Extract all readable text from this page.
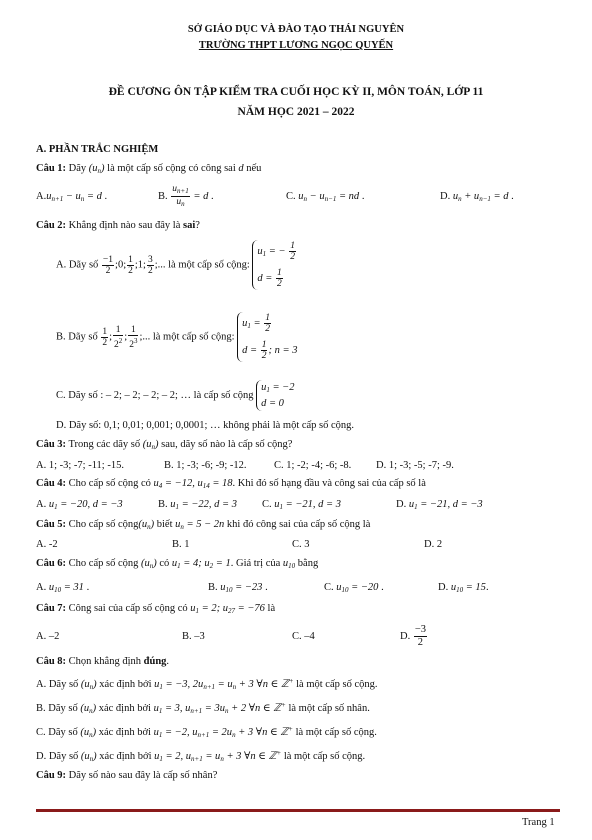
SỞ GIÁO DỤC VÀ ĐÀO TẠO THÁI NGUYÊN
TRƯỜNG THPT LƯƠNG NGỌC QUYẾN
ĐỀ CƯƠNG ÔN TẬP KIỂM TRA CUỐI HỌC KỲ II, MÔN TOÁN, LỚP 11
NĂM HỌC 2021 – 2022
A. PHẦN TRẮC NGHIỆM
Câu 1: Dãy $(u_n)$ là một cấp số cộng có công sai d nếu
$A.u_{n+1} - u_n = d$ .	B. $\frac{u_{n+1}}{u_n} = d$ .	C. $u_n - u_{n-1}$ = nd .	D. $u_n + u_{n-1} = d$ .
Câu 2: Khẳng định nào sau đây là sai?
A. Dãy số $\frac{-1}{2}$ ;0; $\frac{1}{2}$ ;1; $\frac{3}{2}$ ;... là một cấp số cộng:
$u_1$ = − $\frac{1}{2}$
$d = \frac{1}{2}$
B. Dãy số $\frac{1}{2}$ ; $\frac{1}{2^2}$ ; $\frac{1}{2^3}$ ;... là một cấp số cộng:
$u_1 = \frac{1}{2}$
$d = \frac{1}{2}$ ; n = 3
C. Dãy số : – 2; – 2; – 2; – 2; … là cấp số cộng
$u_1 = -2$
d = 0
D. Dãy số: 0,1; 0,01; 0,001; 0,0001; … không phải là một cấp số cộng.
Câu 3: Trong các dãy số $(u_n)$ sau, dãy số nào là cấp số cộng?
A. 1; -3; -7; -11; -15.	B. 1; -3; -6; -9; -12.	C. 1; -2; -4; -6; -8. D. 1; -3; -5; -7; -9.
Câu 4: Cho cấp số cộng có $u_4 = -12$, $u_{14} = 18$. Khi đó số hạng đầu và công sai của cấp số là
A. $u_1 = -20$, d = −3	B. $u_1 = -22$, d = 3 C. $u_1 = -21$, d = 3	D. $u_1 = -21$, d = −3
Câu 5: Cho cấp số $cộng(u_n)$ biết $u_n = 5 - 2n$ khi đó công sai của cấp số cộng là
A. -2	B. 1	C. 3	D. 2
Câu 6: Cho cấp số cộng $(u_n)$ có $u_1 = 4$; $u_2 = 1$. Giá trị của $u_{10}$ bằng
A. $u_{10} = 31$ .	B. $u_{10} = -23$ .	C. $u_{10} = -20$ .	D. $u_{10} = 15$.
Câu 7: Công sai của cấp số cộng có $u_1 = 2$; $u_{27} = -76$ là
A. –2	B. –3	C. –4	D. $\frac{-3}{2}$
Câu 8: Chọn khẳng định đúng.
A. Dãy số $(u_n)$ xác định bởi $u_1 = -3$, $2u_{n+1} = u_n + 3$ ∀n ∈ ℤ+ là một cấp số cộng.
B. Dãy số $(u_n)$ xác định bởi $u_1 = 3$, $u_{n+1} = 3u_n + 2$ ∀n ∈ ℤ+ là một cấp số nhân.
C. Dãy số $(u_n)$ xác định bởi $u_1 = -2$, $u_{n+1} = 2u_n + 3$ ∀n ∈ ℤ+ là một cấp số cộng.
D. Dãy số $(u_n)$ xác định bởi $u_1 = 2$, $u_{n+1} = u_n + 3$ ∀n ∈ ℤ+ là một cấp số cộng.
Câu 9: Dãy số nào sau đây là cấp số nhân?
Trang 1
